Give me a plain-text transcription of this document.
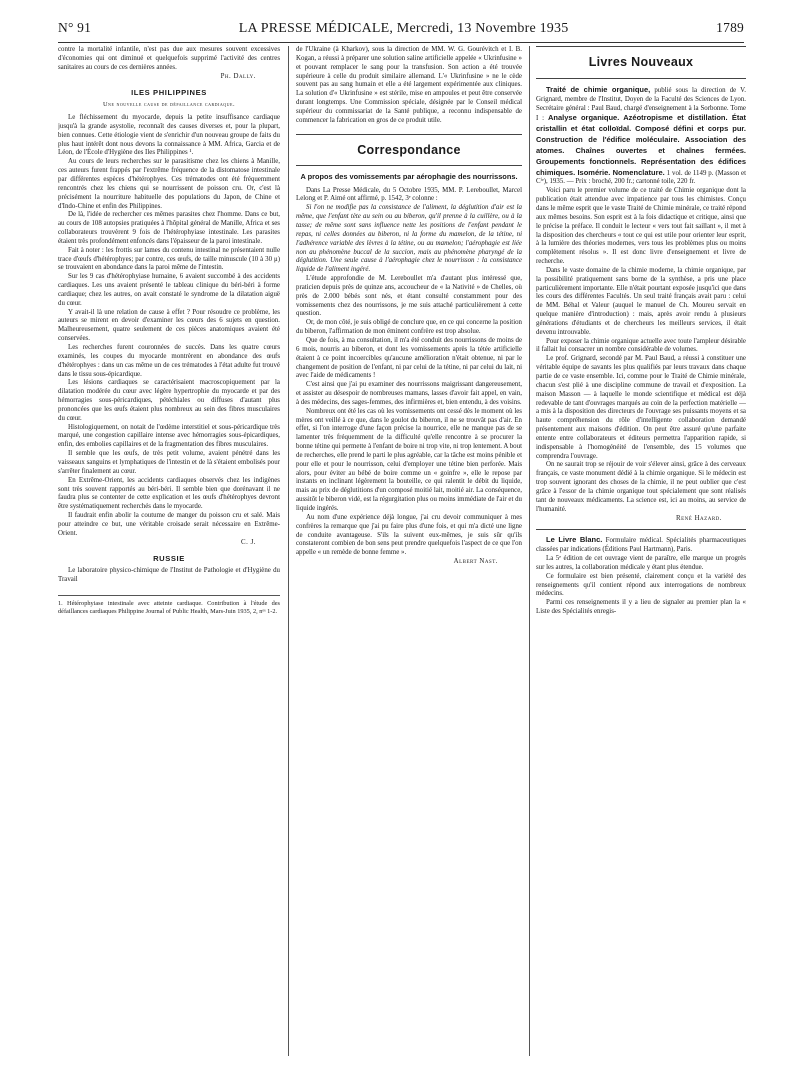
N° 91	LA PRESSE MÉDICALE, Mercredi, 13 Novembre 1935	1789

contre la mortalité infantile, n'est pas due aux mesures souvent excessives d'économies qui ont diminué et quelquefois supprimé l'activité des centres sanitaires au cours de ces dernières années.

Ph. Dally.

ILES PHILIPPINES
Une nouvelle cause de défaillance cardiaque.

Le fléchissement du myocarde, depuis la petite insuffisance cardiaque jusqu'à la grande asystolie, reconnaît des causes diverses et, pour la plupart, bien connues. Cette étiologie vient de s'enrichir d'un nouveau groupe de faits du plus haut intérêt dont nous devons la connaissance à MM. Africa, Garcia et de Léon, de l'École d'Hygiène des Iles Philippines ¹.

Au cours de leurs recherches sur le parasitisme chez les chiens à Manille, ces auteurs furent frappés par l'extrême fréquence de la distomatose intestinale par différentes espèces d'hétérophyes. Ces trématodes ont été fréquemment rencontrés chez les chiens qui se nourrissent de poisson cru. Or, c'est là précisément la nourriture habituelle des populations du Japon, de Chine et d'Indo-Chine et enfin des Philippines.

De là, l'idée de rechercher ces mêmes parasites chez l'homme. Dans ce but, au cours de 108 autopsies pratiquées à l'hôpital général de Manille, Africa et ses collaborateurs trouvèrent 9 fois de l'hétérophyiase intestinale. Les parasites étaient très profondément enfoncés dans l'épaisseur de la paroi intestinale.

Fait à noter : les frottis sur lames du contenu intestinal ne présentaient nulle trace d'œufs d'hétérophyes; par contre, ces œufs, de taille minuscule (10 à 30 μ) se trouvaient en abondance dans la paroi même de l'intestin.

Sur les 9 cas d'hétérophyiase humaine, 6 avaient succombé à des accidents cardiaques. Les uns avaient présenté le tableau clinique du béri-béri à forme cardiaque; chez les autres, on avait constaté le syndrome de la dilatation aiguë du cœur.

Y avait-il là une relation de cause à effet ? Pour résoudre ce problème, les auteurs se mirent en devoir d'examiner les cœurs des 6 sujets en question. Malheureusement, quatre seulement de ces pièces anatomiques avaient été conservées.

Les recherches furent couronnées de succès. Dans les quatre cœurs examinés, les coupes du myocarde montrèrent en abondance des œufs d'hétérophyes : dans un cas même un de ces trématodes à l'état adulte fut trouvé dans le tissu sous-épicardique.

Les lésions cardiaques se caractérisaient macroscopiquement par la dilatation modérée du cœur avec légère hypertrophie du myocarde et par des hémorragies sous-péricardiques, pétéchiales ou diffuses d'autant plus prononcées que les œufs étaient plus nombreux au sein des fibres musculaires du cœur.

Histologiquement, on notait de l'œdème interstitiel et sous-péricardique très marqué, une congestion capillaire intense avec hémorragies sous-épicardiques, enfin, des embolies capillaires et de la fragmentation des fibres musculaires.

Il semble que les œufs, de très petit volume, avaient pénétré dans les vaisseaux sanguins et lymphatiques de l'intestin et de là s'étaient embolisés pour s'arrêter finalement au cœur.

En Extrême-Orient, les accidents cardiaques observés chez les indigènes sont très souvent rapportés au béri-béri. Il semble bien que dorénavant il ne faudra plus se contenter de cette explication et les œufs d'hétérophyes devront être systématiquement recherchés dans le myocarde.

Il faudrait enfin abolir la coutume de manger du poisson cru et salé. Mais pour atteindre ce but, une véritable croisade serait nécessaire en Extrême-Orient.

C. J.

RUSSIE

Le laboratoire physico-chimique de l'Institut de Pathologie et d'Hygiène du Travail

1. Hétérophyiase intestinale avec atteinte cardiaque. Contribution à l'étude des défaillances cardiaques Philippine Journal of Public Health, Mars-Juin 1935, 2, nᵒˢ 1-2.

de l'Ukraine (à Kharkov), sous la direction de MM. W. G. Gourévitch et I. B. Kogan, a réussi à préparer une solution saline artificielle appelée « Ukrinfusine » et pouvant remplacer le sang pour la transfusion. Son action a été trouvée supérieure à celle du produit similaire allemand. L'« Ukrinfusine » ne le cède souvent pas au sang humain et elle a été largement expérimentée aux cliniques. La solution d'« Ukrinfusine » est stérile, mise en ampoules et peut être conservée durant longtemps. Une Commission spéciale, désignée par le Conseil médical supérieur du commissariat de la Santé publique, a reconnu indispensable de commencer la fabrication en gros de ce produit utile.

Correspondance

A propos des vomissements par aérophagie des nourrissons.

Dans La Presse Médicale, du 5 Octobre 1935, MM. P. Lereboullet, Marcel Lelong et P. Aimé ont affirmé, p. 1542, 3ᵉ colonne :

Si l'on ne modifie pas la consistance de l'aliment, la déglutition d'air est la même, que l'enfant tète au sein ou au biberon, qu'il prenne à la cuillère, ou à la tasse; de même sont sans influence nette les positions de l'enfant pendant le repas, ni celles données au biberon, ni la forme du mamelon, de la tétine, ni l'adhérence variable des lèvres à la tétine, ou au mamelon; l'aérophagie est liée non au phénomène buccal de la succion, mais au phénomène pharyngé de la déglutition. Une seule cause à l'aérophagie chez le nourrisson : la consistance liquide de l'aliment ingéré.

L'étude approfondie de M. Lereboullet m'a d'autant plus intéressé que, praticien depuis près de quinze ans, accoucheur de « la Nativité » de Chelles, où près de 2.000 bébés sont nés, et étant consulté constamment pour des vomissements chez des nourrissons, je me suis attaché particulièrement à cette question.

Or, de mon côté, je suis obligé de conclure que, en ce qui concerne la position du biberon, l'affirmation de mon éminent confrère est trop absolue.

Que de fois, à ma consultation, il m'a été conduit des nourrissons de moins de 6 mois, nourris au biberon, et dont les vomissements après la tétée artificielle étaient à ce point incoercibles qu'aucune amélioration n'était obtenue, ni par le changement de position de l'enfant, ni par celui de la tétine, ni par celui du lait, ni avec l'aide de médicaments !

C'est ainsi que j'ai pu examiner des nourrissons maigrissant dangereusement, et assister au désespoir de nombreuses mamans, lasses d'avoir fait appel, en vain, à des médecins, des sages-femmes, des infirmières et, bien entendu, à des voisins.

Nombreux ont été les cas où les vomissements ont cessé dès le moment où les mères ont veillé à ce que, dans le goulot du biberon, il ne se trouvât pas d'air. En effet, si l'on interroge d'une façon précise la nourrice, elle ne manque pas de se lamenter très fréquemment de la difficulté qu'elle rencontre à se procurer la bonne tétine qui permette à l'enfant de boire ni trop vite, ni trop lentement. A bout de recherches, elle prend le parti le plus agréable, car la tâche est moins pénible et pour elle et pour le nourrisson, celui d'employer une tétine bien perforée. Mais alors, pour éviter au bébé de boire comme un « goinfre », elle le repose par instants en inclinant légèrement la bouteille, ce qui ralentit le débit du liquide, mais au prix de déglutitions d'un composé moitié lait, moitié air. La conséquence, aussitôt le biberon vidé, est la régurgitation plus ou moins immédiate de l'air et du liquide ingérés.

Au nom d'une expérience déjà longue, j'ai cru devoir communiquer à mes confrères la remarque que j'ai pu faire plus d'une fois, et qui m'a dicté une ligne de conduite avantageuse. S'ils la suivent eux-mêmes, je suis sûr qu'ils constateront combien de bon sens peut prendre quelquefois l'aspect de ce que l'on appelle « un remède de bonne femme ».

Albert Nast.

Livres Nouveaux

Traité de chimie organique, publié sous la direction de V. Grignard, membre de l'Institut, Doyen de la Faculté des Sciences de Lyon. Secrétaire général : Paul Baud, chargé d'enseignement à la Sorbonne. Tome I : Analyse organique. Azéotropisme et distillation. État cristallin et état colloïdal. Composé défini et corps pur. Construction de l'édifice moléculaire. Association des atomes. Chaînes ouvertes et chaînes fermées. Groupements fonctionnels. Représentation des édifices chimiques. Isomérie. Nomenclature. 1 vol. de 1149 p. (Masson et Cⁱᵉ), 1935. — Prix : broché, 200 fr.; cartonné toile, 220 fr.

Voici paru le premier volume de ce traité de Chimie organique dont la publication était attendue avec impatience par tous les chimistes. Conçu dans le même esprit que le vaste Traité de Chimie minérale, ce traité répond aux mêmes besoins. Son esprit est à la fois didactique et critique, ainsi que le précise la préface. Il conduit le lecteur « vers tout fait saillant », il met à la disposition des chercheurs « tout ce qui est utile pour orienter leur esprit, à la lumière des théories modernes, vers tous les problèmes plus ou moins complètement résolus ». Il est donc livre d'enseignement et livre de recherche.

Dans le vaste domaine de la chimie moderne, la chimie organique, par la possibilité pratiquement sans borne de la synthèse, a pris une place particulièrement importante. Elle n'était pourtant exposée jusqu'ici que dans les cours des différentes Facultés. Un seul traité français avait paru : celui de MM. Béhal et Valeur (auquel le manuel de Ch. Moureu servait en quelque manière d'introduction) : mais, après avoir rendu à plusieurs générations d'étudiants et de chercheurs les meilleurs services, il était devenu introuvable.

Pour exposer la chimie organique actuelle avec toute l'ampleur désirable il fallait lui consacrer un nombre considérable de volumes.

Le prof. Grignard, secondé par M. Paul Baud, a réussi à constituer une véritable équipe de savants les plus qualifiés par leurs travaux dans chaque partie de ce vaste ensemble. Ici, comme pour le Traité de Chimie minérale, chacun s'est plié à une discipline commune de travail et d'exposition. La maison Masson — à laquelle le monde scientifique et médical est déjà redevable de tant d'ouvrages marqués au coin de la perfection matérielle — a mis à la disposition des directeurs de l'ouvrage ses puissants moyens et sa haute compréhension du rôle d'intelligente collaboration demandé présentement aux maisons d'édition. On peut être assuré qu'une parfaite entente entre collaborateurs et éditeurs permettra l'apparition rapide, si indispensable à l'homogénéité de l'ensemble, des 15 volumes que comprendra l'ouvrage.

On ne saurait trop se réjouir de voir s'élever ainsi, grâce à des cerveaux français, ce vaste monument dédié à la chimie organique. Si le médecin est trop souvent ignorant des choses de la chimie, il ne peut oublier que c'est grâce à l'essor de la chimie organique tout spécialement que sont réalisés tant de nouveaux médicaments. La science est, ici au moins, au service de l'humanité.

René Hazard.

Le Livre Blanc. Formulaire médical. Spécialités pharmaceutiques classées par indications (Éditions Paul Hartmann), Paris.

La 5ᵉ édition de cet ouvrage vient de paraître, elle marque un progrès sur les autres, la collaboration médicale y étant plus étendue.

Ce formulaire est bien présenté, clairement conçu et la variété des renseignements qu'il contient répond aux interrogations de nombreux médecins.

Parmi ces renseignements il y a lieu de signaler au premier plan la « Liste des Spécialités enregis-
